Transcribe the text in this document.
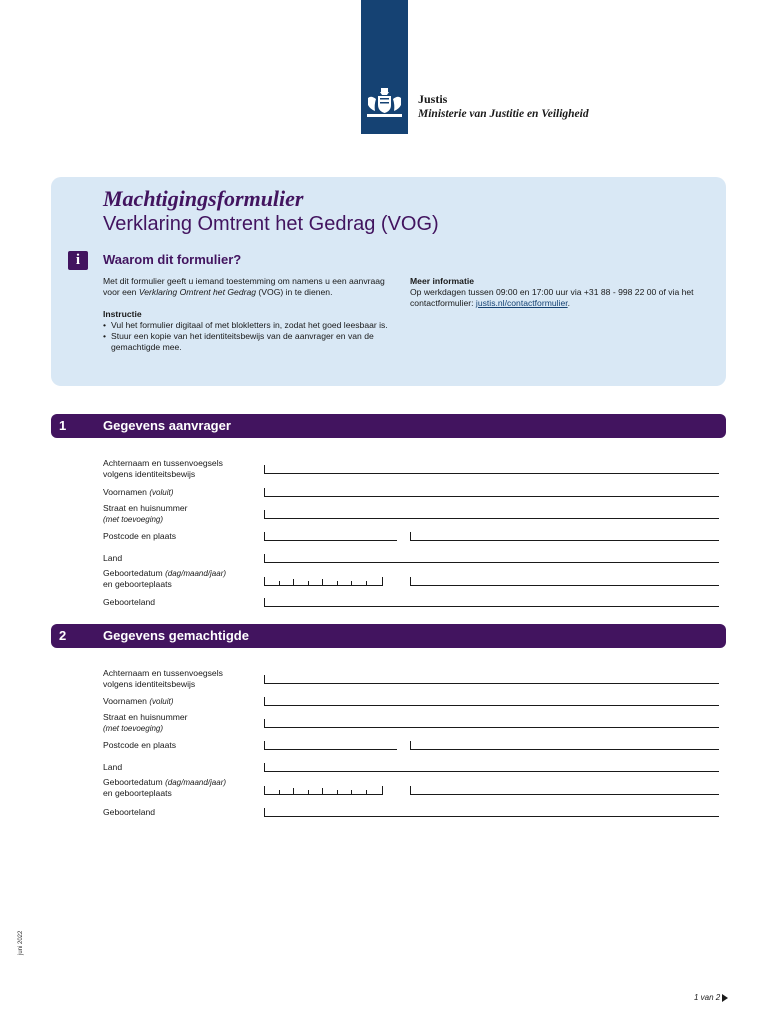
Justis
Ministerie van Justitie en Veiligheid
Machtigingsformulier
Verklaring Omtrent het Gedrag (VOG)
i	Waarom dit formulier?
Met dit formulier geeft u iemand toestemming om namens u een aanvraag voor een Verklaring Omtrent het Gedrag (VOG) in te dienen.
Instructie
• Vul het formulier digitaal of met blokletters in, zodat het goed leesbaar is.
• Stuur een kopie van het identiteitsbewijs van de aanvrager en van de gemachtigde mee.
Meer informatie
Op werkdagen tussen 09:00 en 17:00 uur via +31 88 - 998 22 00 of via het contactformulier: justis.nl/contactformulier.
1	Gegevens aanvrager
Achternaam en tussenvoegsels
volgens identiteitsbewijs
Voornamen (voluit)
Straat en huisnummer
(met toevoeging)
Postcode en plaats
Land
Geboortedatum (dag/maand/jaar)
en geboorteplaats
Geboorteland
2	Gegevens gemachtigde
Achternaam en tussenvoegsels
volgens identiteitsbewijs
Voornamen (voluit)
Straat en huisnummer
(met toevoeging)
Postcode en plaats
Land
Geboortedatum (dag/maand/jaar)
en geboorteplaats
Geboorteland
juni 2022
1 van 2
